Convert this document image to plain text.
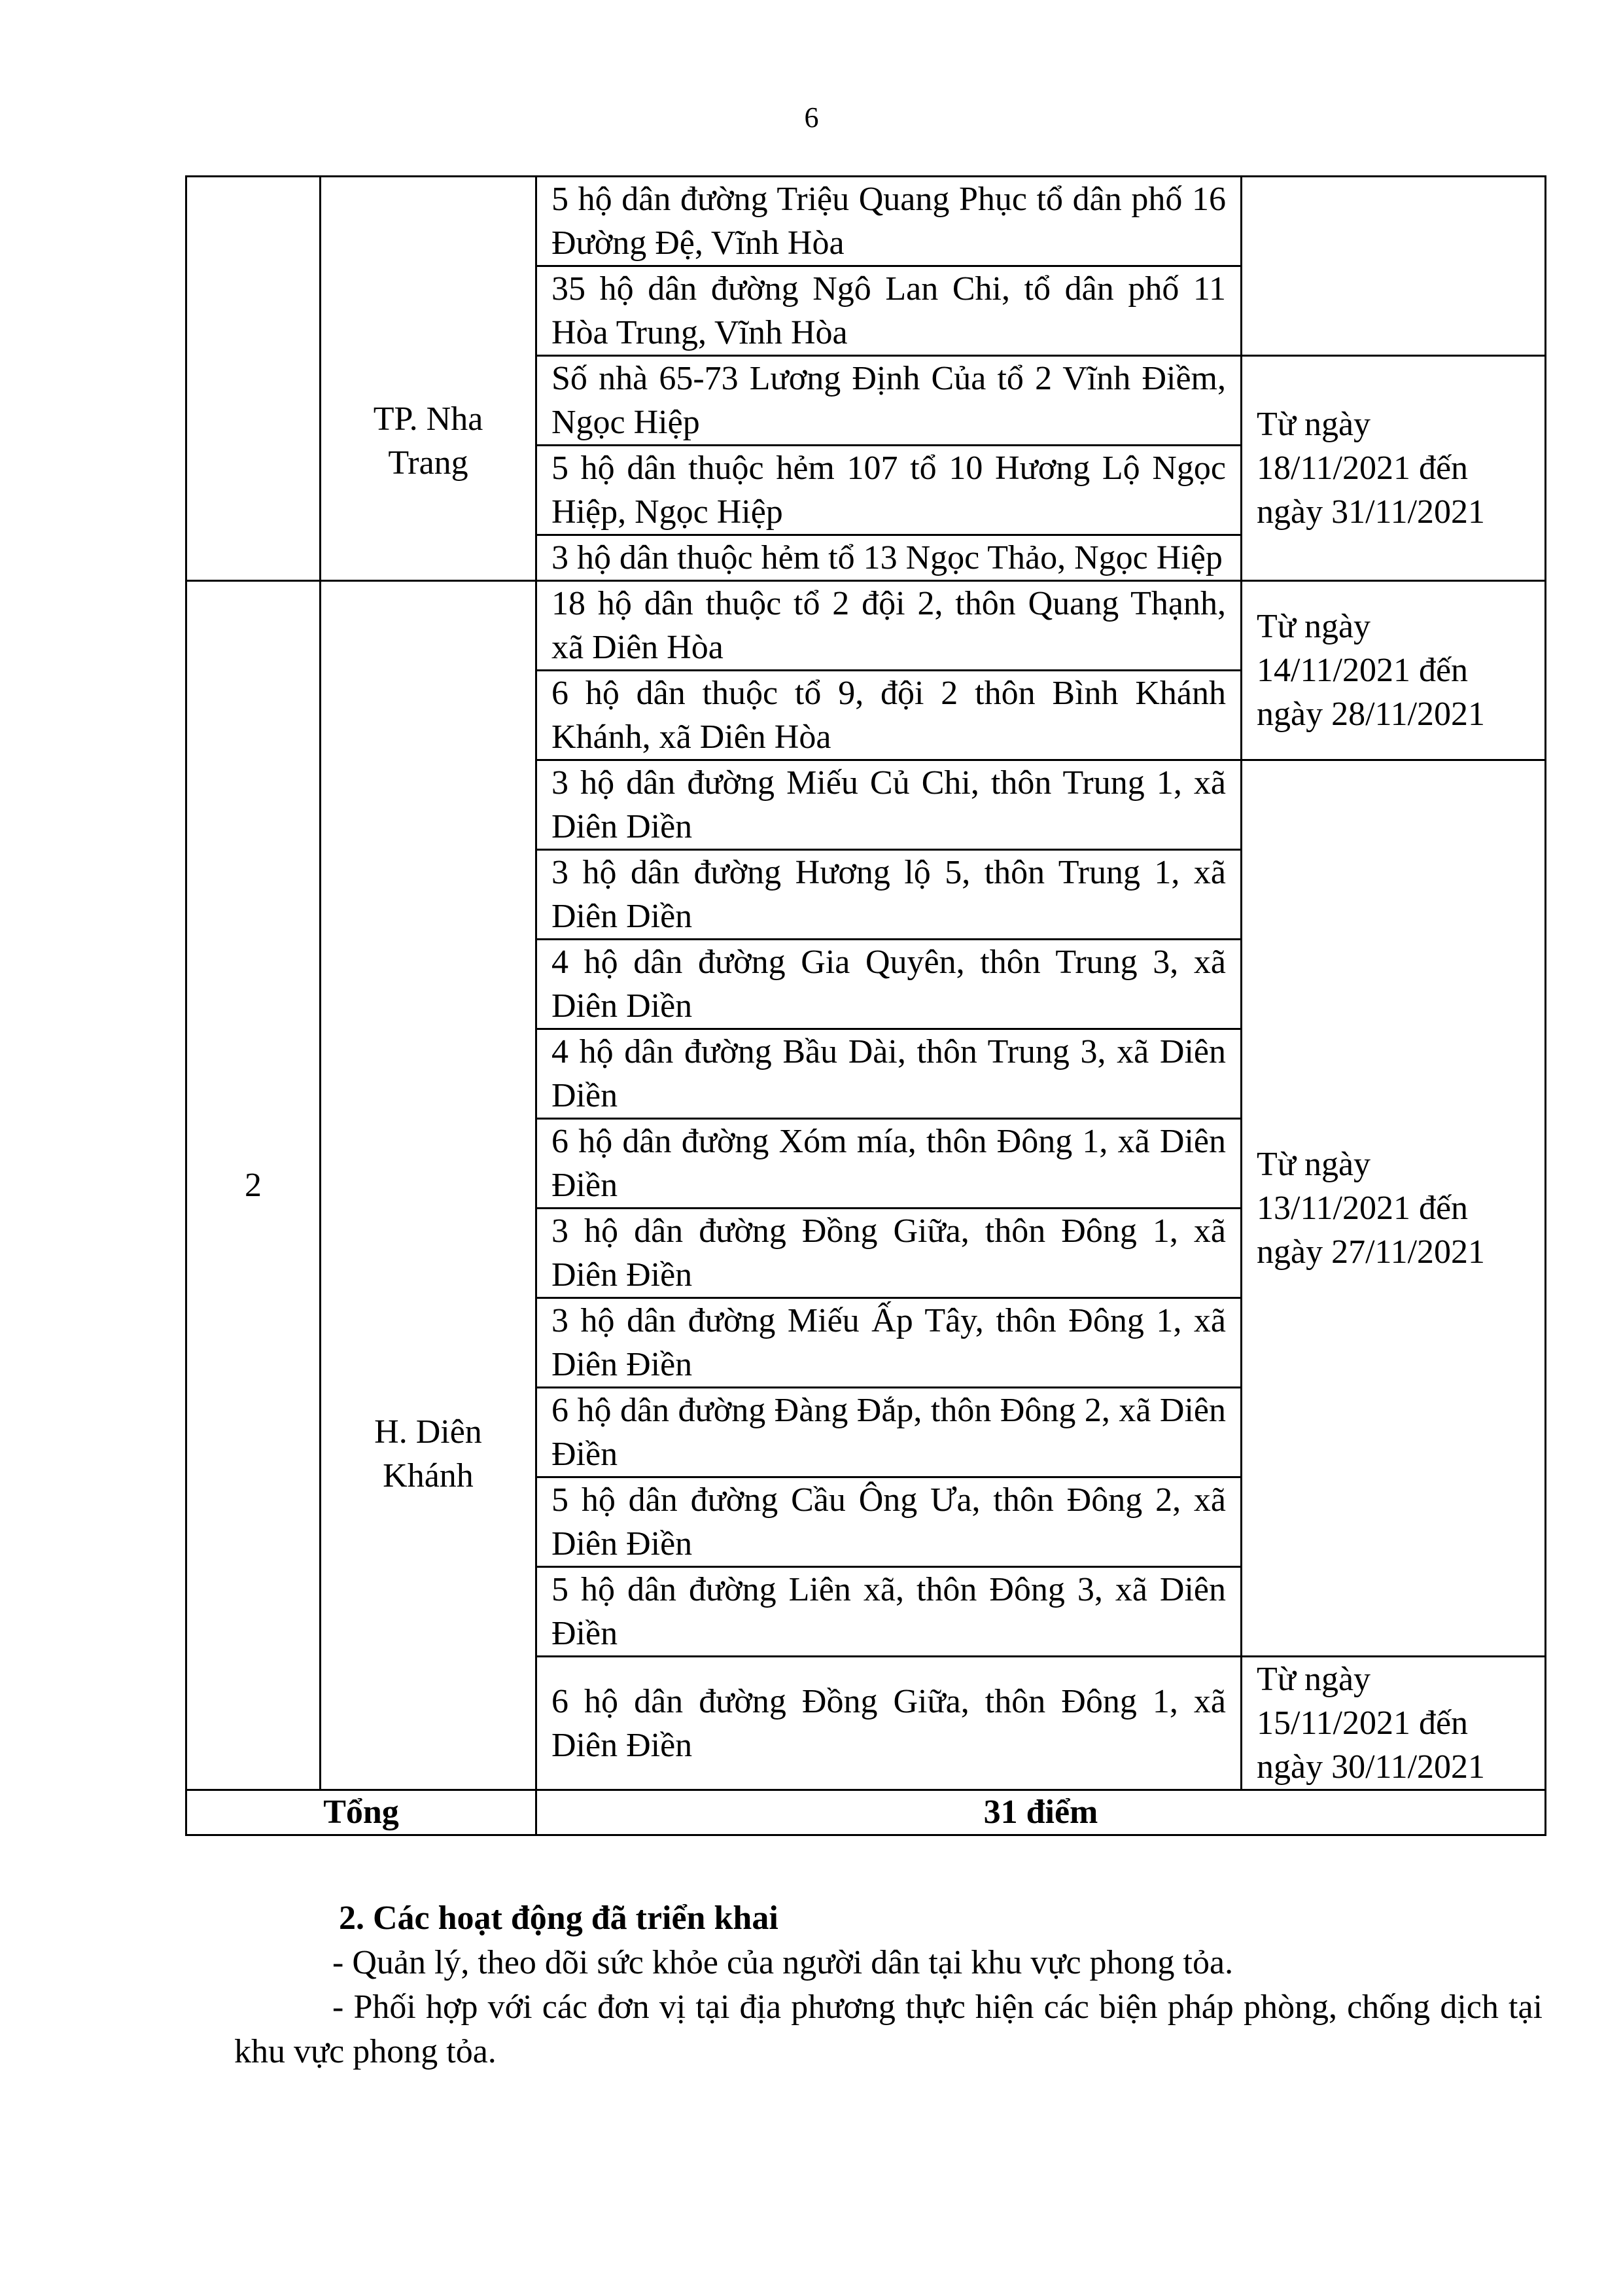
6
	TP. Nha Trang	5 hộ dân đường Triệu Quang Phục tổ dân phố 16 Đường Đệ, Vĩnh Hòa	
		35 hộ dân đường Ngô Lan Chi, tổ dân phố 11 Hòa Trung, Vĩnh Hòa	
		Số nhà 65-73 Lương Định Của tổ 2 Vĩnh Điềm, Ngọc Hiệp	Từ ngày 18/11/2021 đến ngày 31/11/2021
		5 hộ dân thuộc hẻm 107 tổ 10 Hương Lộ Ngọc Hiệp, Ngọc Hiệp	
		3 hộ dân thuộc hẻm tổ 13 Ngọc Thảo, Ngọc Hiệp	
2	H. Diên Khánh	18 hộ dân thuộc tổ 2 đội 2, thôn Quang Thạnh, xã Diên Hòa	Từ ngày 14/11/2021 đến ngày 28/11/2021
		6 hộ dân thuộc tổ 9, đội 2 thôn Bình Khánh Khánh, xã Diên Hòa	
		3 hộ dân đường Miếu Củ Chi, thôn Trung 1, xã Diên Diền	Từ ngày 13/11/2021 đến ngày 27/11/2021
		3 hộ dân đường Hương lộ 5, thôn Trung 1, xã Diên Diền	
		4 hộ dân đường Gia Quyên, thôn Trung 3, xã Diên Diền	
		4 hộ dân đường Bầu Dài, thôn Trung 3, xã Diên Diền	
		6 hộ dân đường Xóm mía, thôn Đông 1, xã Diên Điền	
		3 hộ dân đường Đồng Giữa, thôn Đông 1, xã Diên Điền	
		3 hộ dân đường Miếu Ấp Tây, thôn Đông 1, xã Diên Điền	
		6 hộ dân đường Đàng Đắp, thôn Đông 2, xã Diên Điền	
		5 hộ dân đường Cầu Ông Ưa, thôn Đông 2, xã Diên Điền	
		5 hộ dân đường Liên xã, thôn Đông 3, xã Diên Điền	
		6 hộ dân đường Đồng Giữa, thôn Đông 1, xã Diên Điền	Từ ngày 15/11/2021 đến ngày 30/11/2021
Tổng		31 điểm	
2. Các hoạt động đã triển khai
- Quản lý, theo dõi sức khỏe của người dân tại khu vực phong tỏa.
- Phối hợp với các đơn vị tại địa phương thực hiện các biện pháp phòng, chống dịch tại khu vực phong tỏa.
